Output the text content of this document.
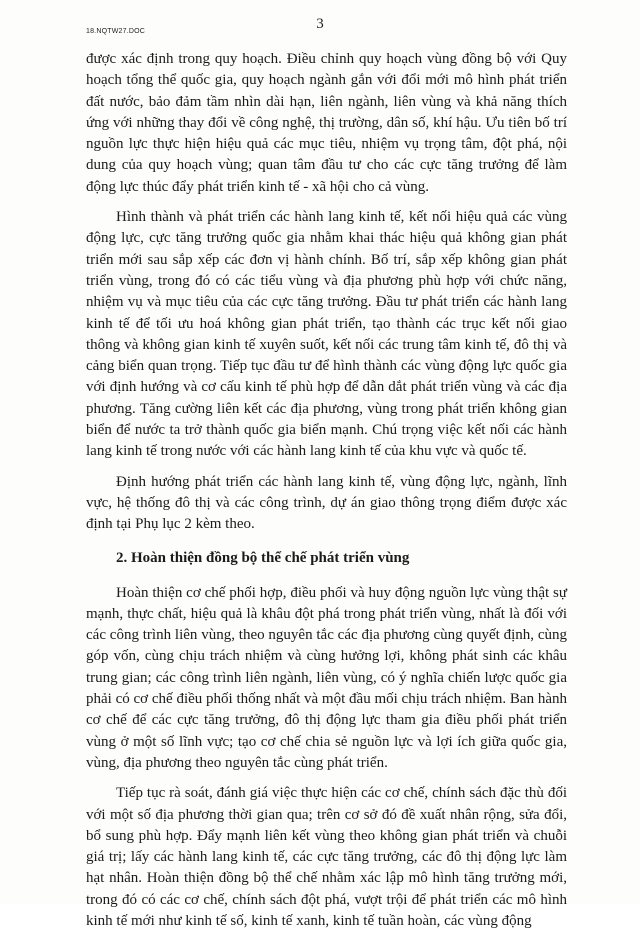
18.NQTW27.DOC	3

được xác định trong quy hoạch. Điều chỉnh quy hoạch vùng đồng bộ với Quy hoạch tổng thể quốc gia, quy hoạch ngành gắn với đổi mới mô hình phát triển đất nước, bảo đảm tầm nhìn dài hạn, liên ngành, liên vùng và khả năng thích ứng với những thay đổi về công nghệ, thị trường, dân số, khí hậu. Ưu tiên bố trí nguồn lực thực hiện hiệu quả các mục tiêu, nhiệm vụ trọng tâm, đột phá, nội dung của quy hoạch vùng; quan tâm đầu tư cho các cực tăng trưởng để làm động lực thúc đẩy phát triển kinh tế - xã hội cho cả vùng.

Hình thành và phát triển các hành lang kinh tế, kết nối hiệu quả các vùng động lực, cực tăng trưởng quốc gia nhằm khai thác hiệu quả không gian phát triển mới sau sắp xếp các đơn vị hành chính. Bố trí, sắp xếp không gian phát triển vùng, trong đó có các tiểu vùng và địa phương phù hợp với chức năng, nhiệm vụ và mục tiêu của các cực tăng trưởng. Đầu tư phát triển các hành lang kinh tế để tối ưu hoá không gian phát triển, tạo thành các trục kết nối giao thông và không gian kinh tế xuyên suốt, kết nối các trung tâm kinh tế, đô thị và cảng biển quan trọng. Tiếp tục đầu tư để hình thành các vùng động lực quốc gia với định hướng và cơ cấu kinh tế phù hợp để dẫn dắt phát triển vùng và các địa phương. Tăng cường liên kết các địa phương, vùng trong phát triển không gian biển để nước ta trở thành quốc gia biển mạnh. Chú trọng việc kết nối các hành lang kinh tế trong nước với các hành lang kinh tế của khu vực và quốc tế.

Định hướng phát triển các hành lang kinh tế, vùng động lực, ngành, lĩnh vực, hệ thống đô thị và các công trình, dự án giao thông trọng điểm được xác định tại Phụ lục 2 kèm theo.

2. Hoàn thiện đồng bộ thể chế phát triển vùng

Hoàn thiện cơ chế phối hợp, điều phối và huy động nguồn lực vùng thật sự mạnh, thực chất, hiệu quả là khâu đột phá trong phát triển vùng, nhất là đối với các công trình liên vùng, theo nguyên tắc các địa phương cùng quyết định, cùng góp vốn, cùng chịu trách nhiệm và cùng hưởng lợi, không phát sinh các khâu trung gian; các công trình liên ngành, liên vùng, có ý nghĩa chiến lược quốc gia phải có cơ chế điều phối thống nhất và một đầu mối chịu trách nhiệm. Ban hành cơ chế để các cực tăng trưởng, đô thị động lực tham gia điều phối phát triển vùng ở một số lĩnh vực; tạo cơ chế chia sẻ nguồn lực và lợi ích giữa quốc gia, vùng, địa phương theo nguyên tắc cùng phát triển.

Tiếp tục rà soát, đánh giá việc thực hiện các cơ chế, chính sách đặc thù đối với một số địa phương thời gian qua; trên cơ sở đó đề xuất nhân rộng, sửa đổi, bổ sung phù hợp. Đẩy mạnh liên kết vùng theo không gian phát triển và chuỗi giá trị; lấy các hành lang kinh tế, các cực tăng trưởng, các đô thị động lực làm hạt nhân. Hoàn thiện đồng bộ thể chế nhằm xác lập mô hình tăng trưởng mới, trong đó có các cơ chế, chính sách đột phá, vượt trội để phát triển các mô hình kinh tế mới như kinh tế số, kinh tế xanh, kinh tế tuần hoàn, các vùng động
